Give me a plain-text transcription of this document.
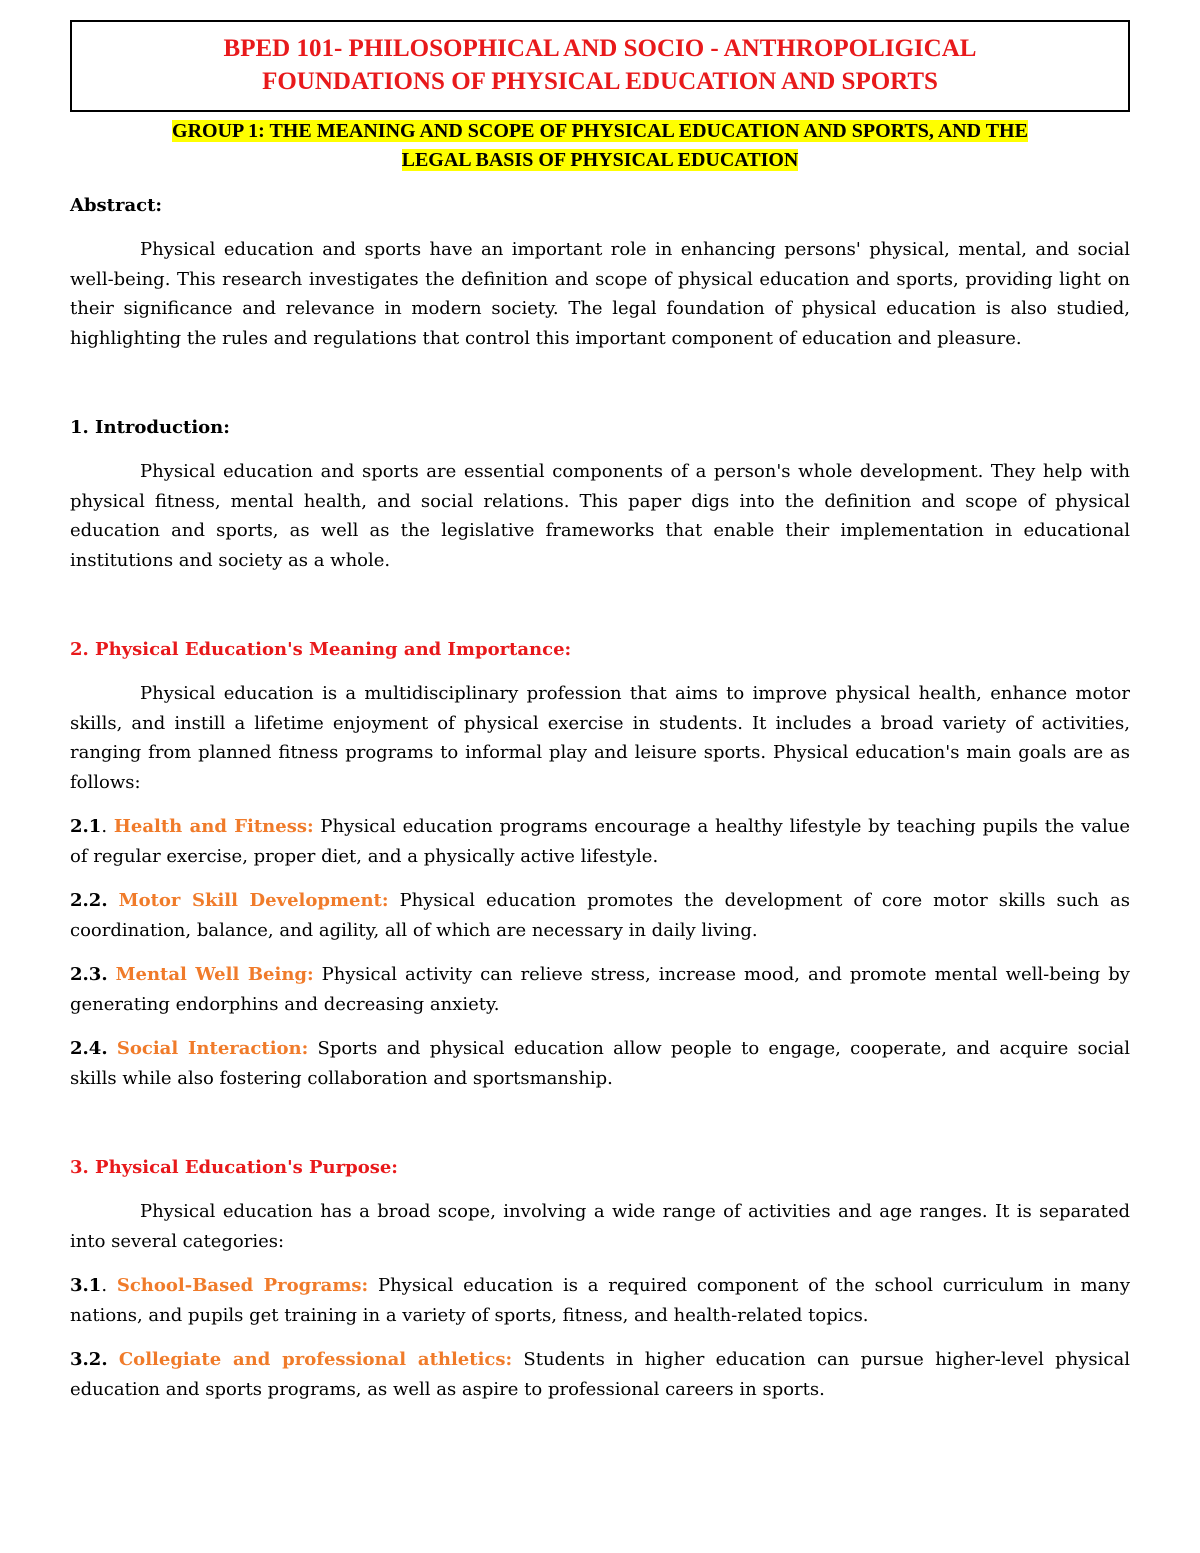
BPED 101- PHILOSOPHICAL AND SOCIO - ANTHROPOLIGICAL
FOUNDATIONS OF PHYSICAL EDUCATION AND SPORTS
GROUP 1: THE MEANING AND SCOPE OF PHYSICAL EDUCATION AND SPORTS, AND THE
LEGAL BASIS OF PHYSICAL EDUCATION

Abstract:

Physical education and sports have an important role in enhancing persons' physical, mental, and social well-being. This research investigates the definition and scope of physical education and sports, providing light on their significance and relevance in modern society. The legal foundation of physical education is also studied, highlighting the rules and regulations that control this important component of education and pleasure.

1. Introduction:

Physical education and sports are essential components of a person's whole development. They help with physical fitness, mental health, and social relations. This paper digs into the definition and scope of physical education and sports, as well as the legislative frameworks that enable their implementation in educational institutions and society as a whole.

2. Physical Education's Meaning and Importance:

Physical education is a multidisciplinary profession that aims to improve physical health, enhance motor skills, and instill a lifetime enjoyment of physical exercise in students. It includes a broad variety of activities, ranging from planned fitness programs to informal play and leisure sports. Physical education's main goals are as follows:

2.1. Health and Fitness: Physical education programs encourage a healthy lifestyle by teaching pupils the value of regular exercise, proper diet, and a physically active lifestyle.

2.2. Motor Skill Development: Physical education promotes the development of core motor skills such as coordination, balance, and agility, all of which are necessary in daily living.

2.3. Mental Well Being: Physical activity can relieve stress, increase mood, and promote mental well-being by generating endorphins and decreasing anxiety.

2.4. Social Interaction: Sports and physical education allow people to engage, cooperate, and acquire social skills while also fostering collaboration and sportsmanship.

3. Physical Education's Purpose:

Physical education has a broad scope, involving a wide range of activities and age ranges. It is separated into several categories:

3.1. School-Based Programs: Physical education is a required component of the school curriculum in many nations, and pupils get training in a variety of sports, fitness, and health-related topics.

3.2. Collegiate and professional athletics: Students in higher education can pursue higher-level physical education and sports programs, as well as aspire to professional careers in sports.
